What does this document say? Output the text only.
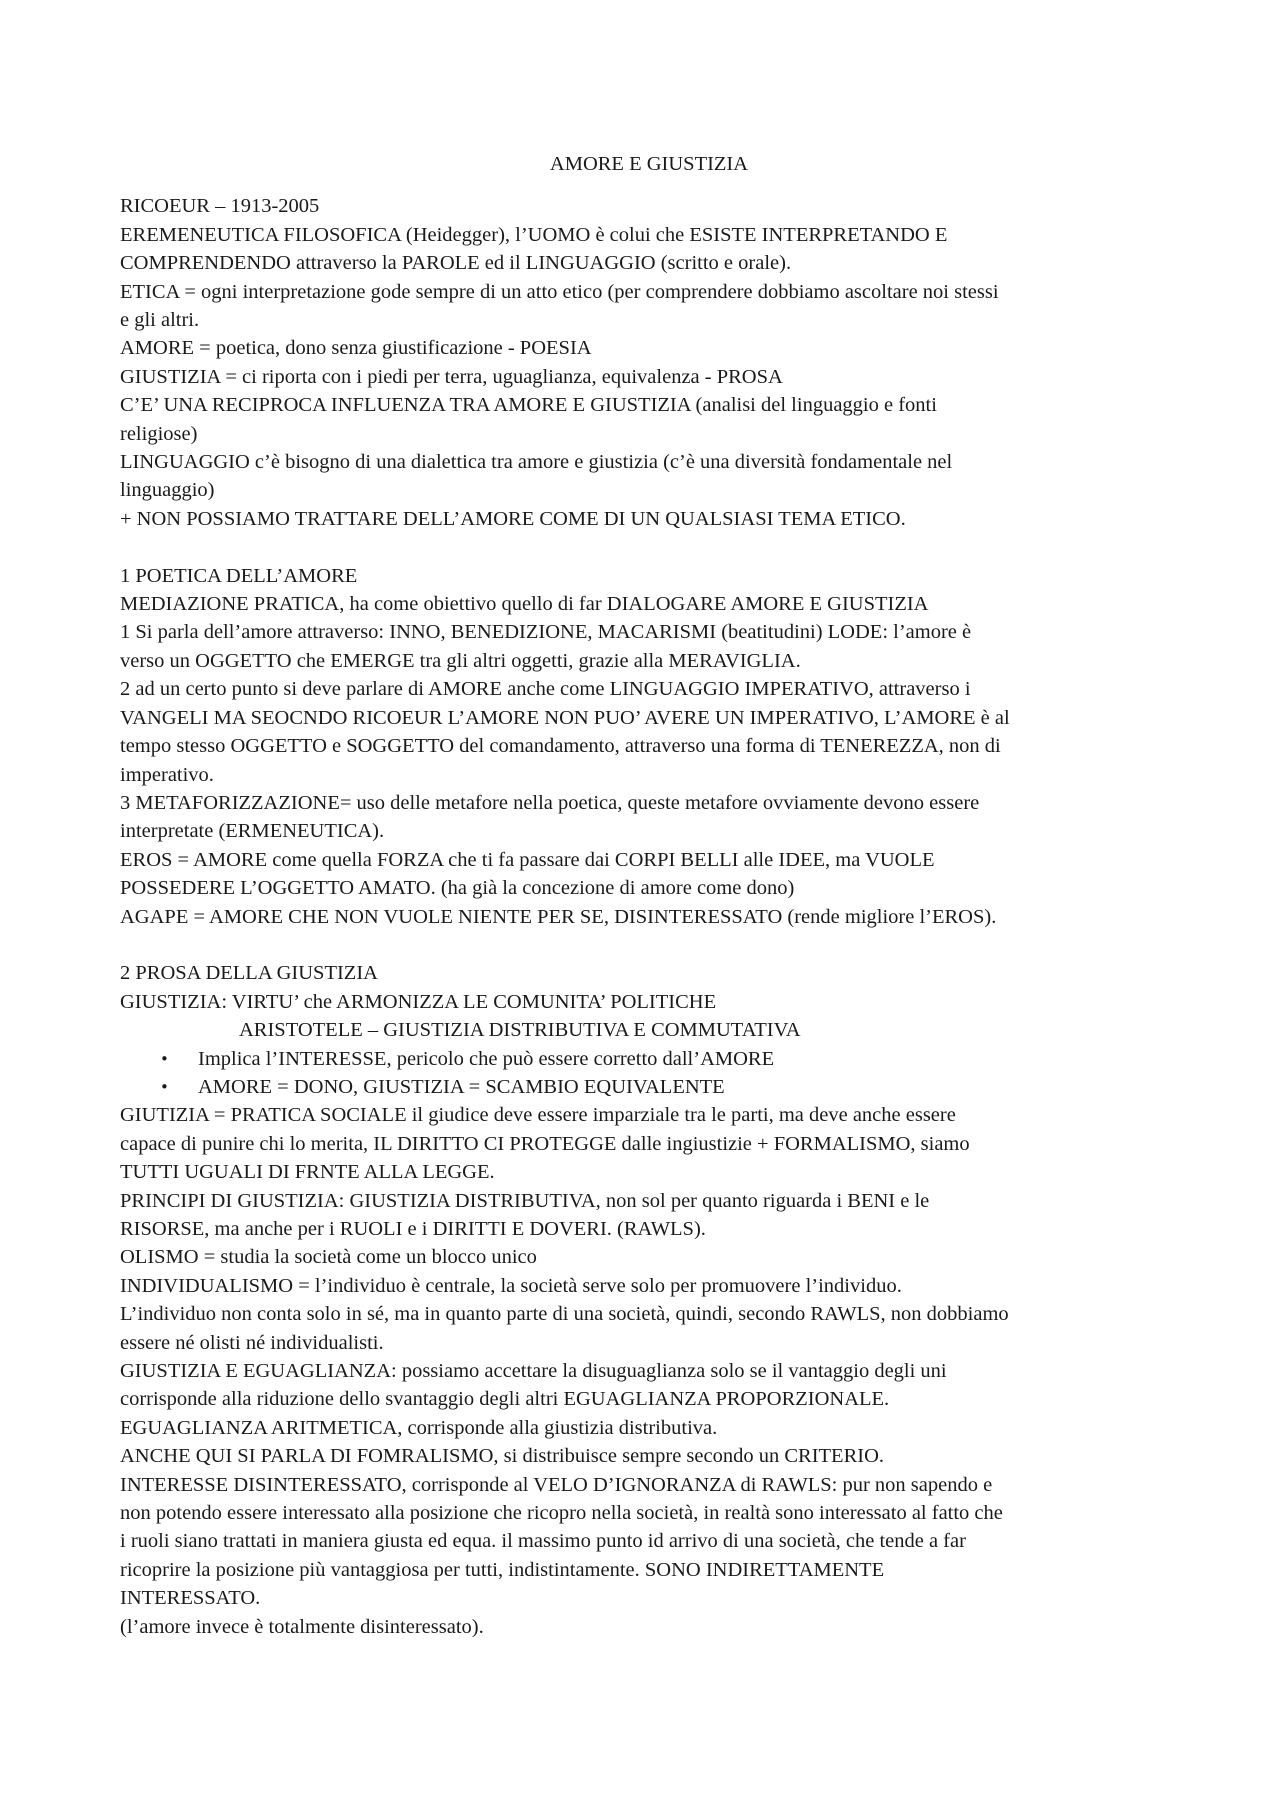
AMORE E GIUSTIZIA
RICOEUR – 1913-2005
EREMENEUTICA FILOSOFICA (Heidegger), l’UOMO è colui che ESISTE INTERPRETANDO E
COMPRENDENDO attraverso la PAROLE ed il LINGUAGGIO (scritto e orale).
ETICA = ogni interpretazione gode sempre di un atto etico (per comprendere dobbiamo ascoltare noi stessi
e gli altri.
AMORE = poetica, dono senza giustificazione - POESIA
GIUSTIZIA = ci riporta con i piedi per terra, uguaglianza, equivalenza - PROSA
C’E’ UNA RECIPROCA INFLUENZA TRA AMORE E GIUSTIZIA (analisi del linguaggio e fonti
religiose)
LINGUAGGIO c’è bisogno di una dialettica tra amore e giustizia (c’è una diversità fondamentale nel
linguaggio)
+ NON POSSIAMO TRATTARE DELL’AMORE COME DI UN QUALSIASI TEMA ETICO.
1 POETICA DELL’AMORE
MEDIAZIONE PRATICA, ha come obiettivo quello di far DIALOGARE AMORE E GIUSTIZIA
1 Si parla dell’amore attraverso: INNO, BENEDIZIONE, MACARISMI (beatitudini) LODE: l’amore è
verso un OGGETTO che EMERGE tra gli altri oggetti, grazie alla MERAVIGLIA.
2 ad un certo punto si deve parlare di AMORE anche come LINGUAGGIO IMPERATIVO, attraverso i
VANGELI MA SEOCNDO RICOEUR L’AMORE NON PUO’ AVERE UN IMPERATIVO, L’AMORE è al
tempo stesso OGGETTO e SOGGETTO del comandamento, attraverso una forma di TENEREZZA, non di
imperativo.
3 METAFORIZZAZIONE= uso delle metafore nella poetica, queste metafore ovviamente devono essere
interpretate (ERMENEUTICA).
EROS = AMORE come quella FORZA che ti fa passare dai CORPI BELLI alle IDEE, ma VUOLE
POSSEDERE L’OGGETTO AMATO. (ha già la concezione di amore come dono)
AGAPE = AMORE CHE NON VUOLE NIENTE PER SE, DISINTERESSATO (rende migliore l’EROS).
2 PROSA DELLA GIUSTIZIA
GIUSTIZIA: VIRTU’ che ARMONIZZA LE COMUNITA’ POLITICHE
ARISTOTELE – GIUSTIZIA DISTRIBUTIVA E COMMUTATIVA
• Implica l’INTERESSE, pericolo che può essere corretto dall’AMORE
• AMORE = DONO, GIUSTIZIA = SCAMBIO EQUIVALENTE
GIUTIZIA = PRATICA SOCIALE il giudice deve essere imparziale tra le parti, ma deve anche essere
capace di punire chi lo merita, IL DIRITTO CI PROTEGGE dalle ingiustizie + FORMALISMO, siamo
TUTTI UGUALI DI FRNTE ALLA LEGGE.
PRINCIPI DI GIUSTIZIA: GIUSTIZIA DISTRIBUTIVA, non sol per quanto riguarda i BENI e le
RISORSE, ma anche per i RUOLI e i DIRITTI E DOVERI. (RAWLS).
OLISMO = studia la società come un blocco unico
INDIVIDUALISMO = l’individuo è centrale, la società serve solo per promuovere l’individuo.
L’individuo non conta solo in sé, ma in quanto parte di una società, quindi, secondo RAWLS, non dobbiamo
essere né olisti né individualisti.
GIUSTIZIA E EGUAGLIANZA: possiamo accettare la disuguaglianza solo se il vantaggio degli uni
corrisponde alla riduzione dello svantaggio degli altri EGUAGLIANZA PROPORZIONALE.
EGUAGLIANZA ARITMETICA, corrisponde alla giustizia distributiva.
ANCHE QUI SI PARLA DI FOMRALISMO, si distribuisce sempre secondo un CRITERIO.
INTERESSE DISINTERESSATO, corrisponde al VELO D’IGNORANZA di RAWLS: pur non sapendo e
non potendo essere interessato alla posizione che ricopro nella società, in realtà sono interessato al fatto che
i ruoli siano trattati in maniera giusta ed equa. il massimo punto id arrivo di una società, che tende a far
ricoprire la posizione più vantaggiosa per tutti, indistintamente. SONO INDIRETTAMENTE
INTERESSATO.
(l’amore invece è totalmente disinteressato).
